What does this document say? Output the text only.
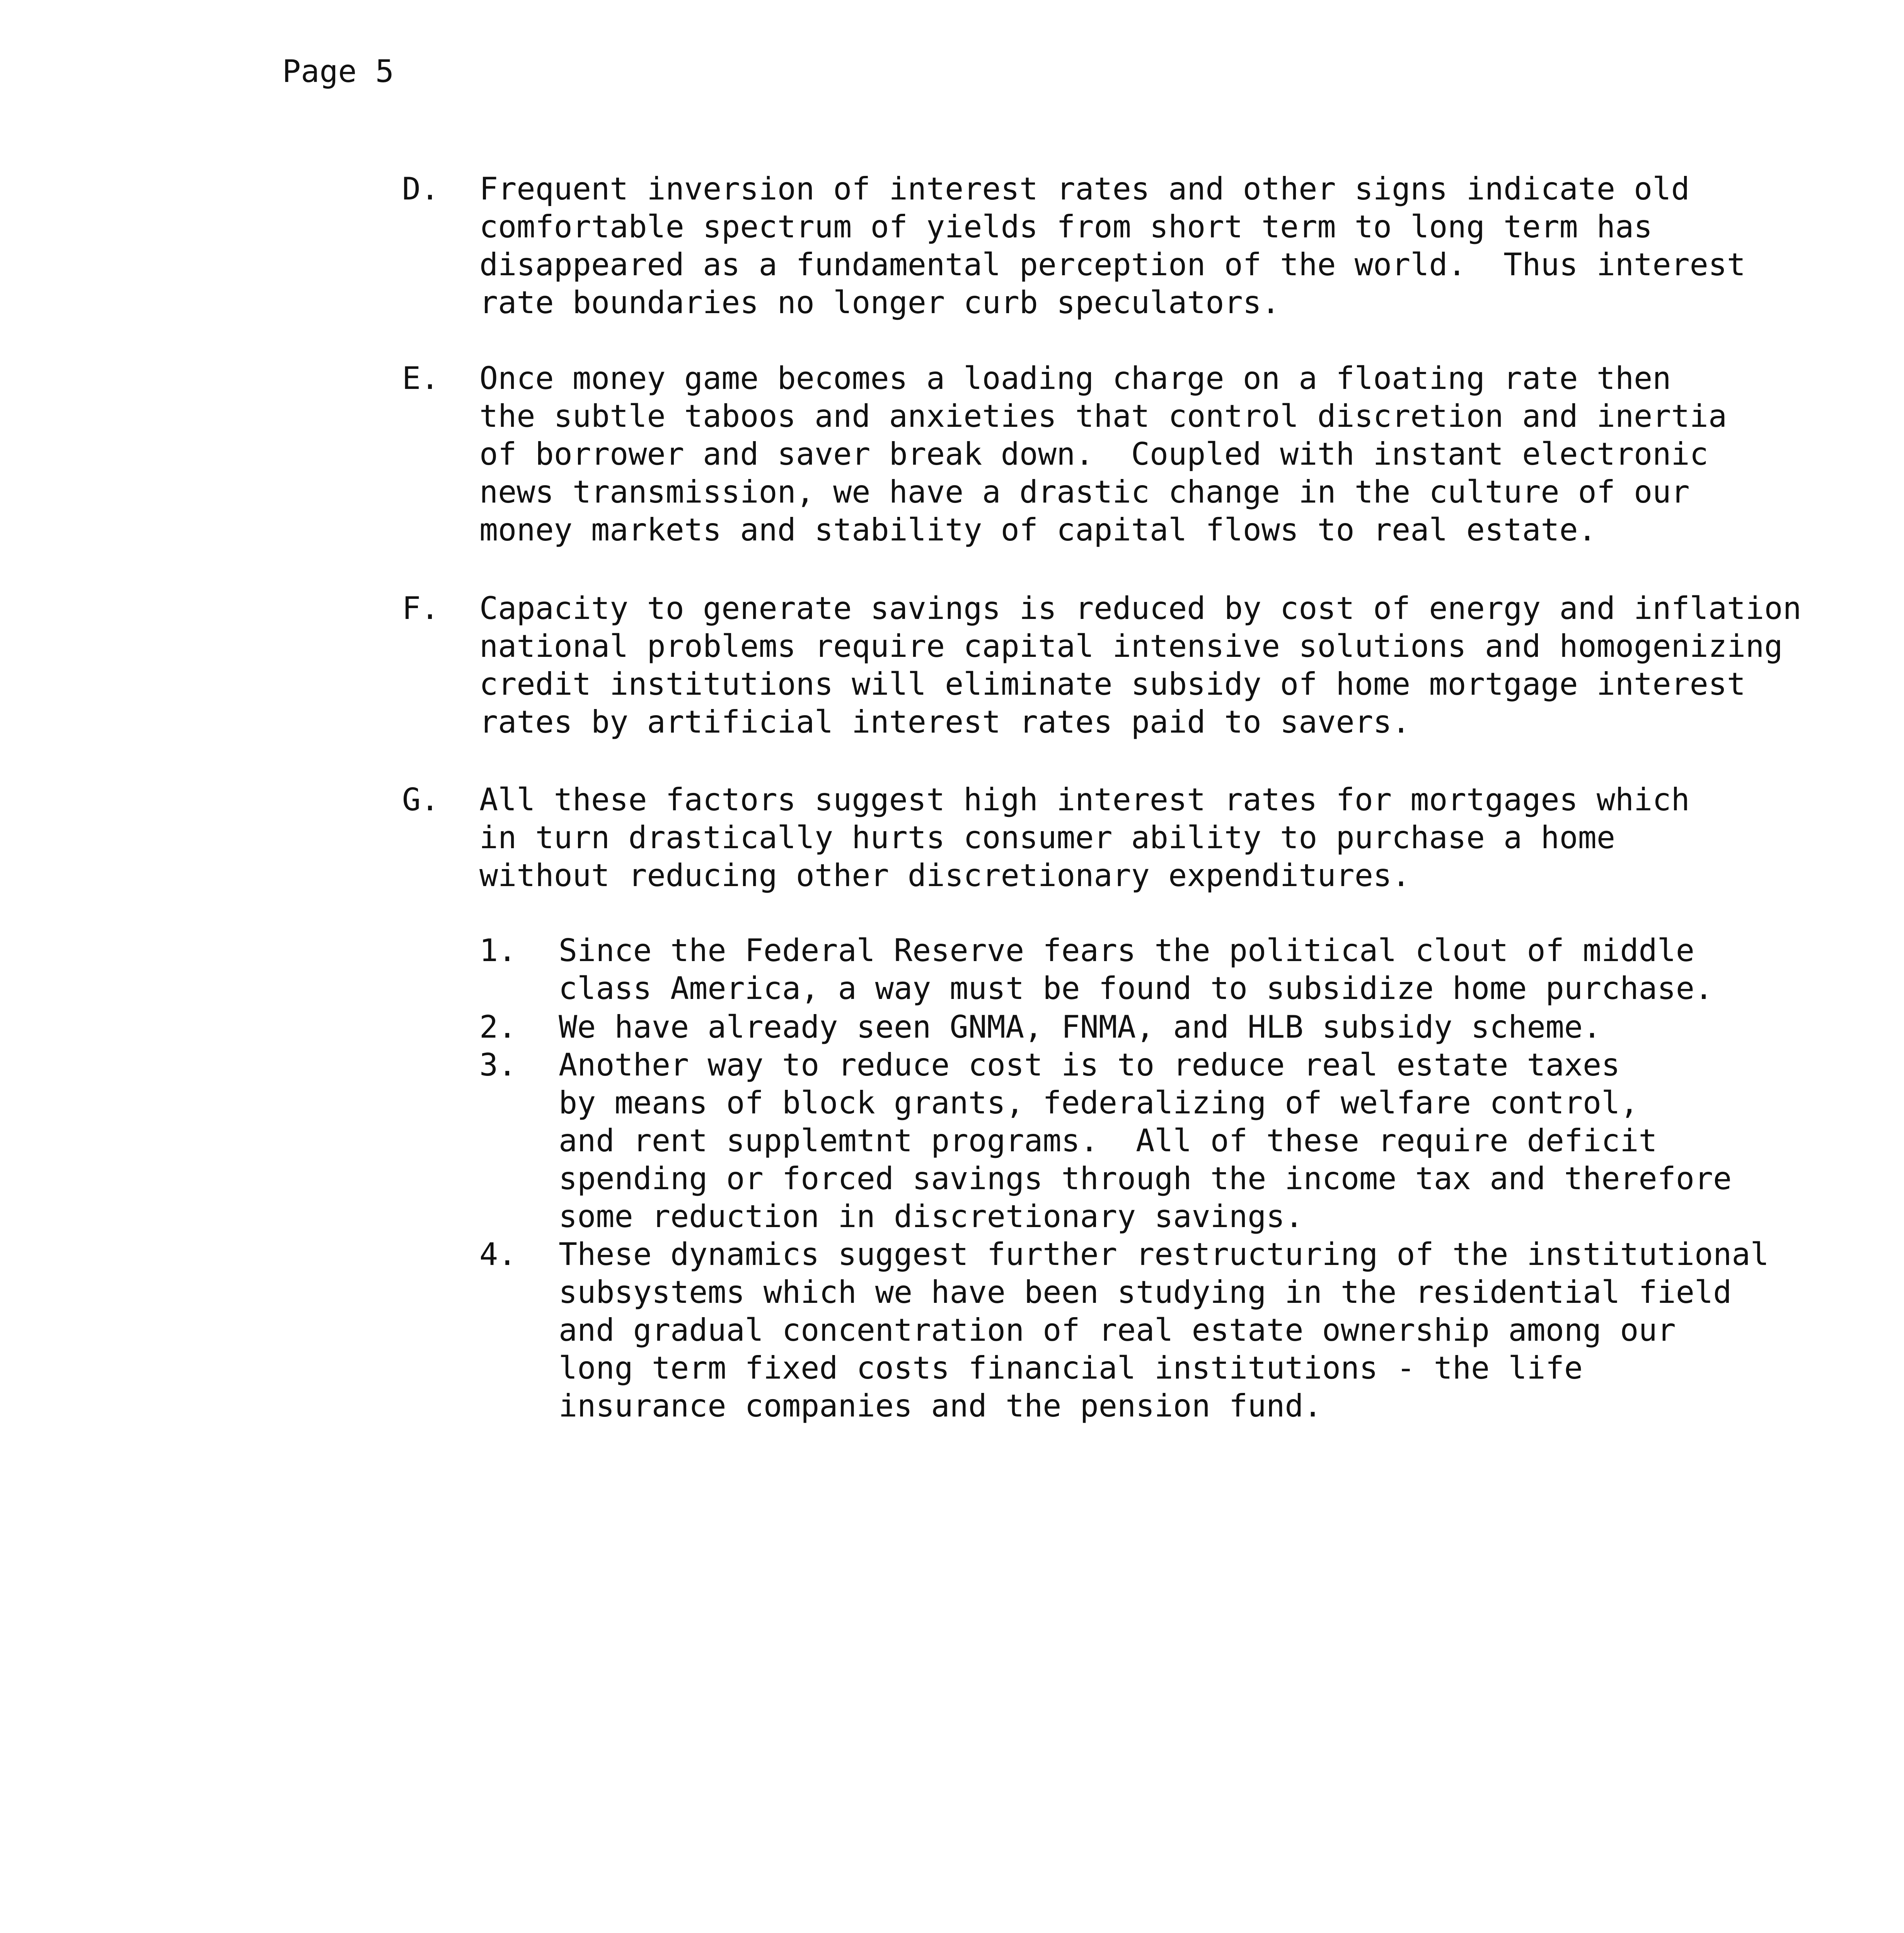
Page 5
D. Frequent inversion of interest rates and other signs indicate old
comfortable spectrum of yields from short term to long term has
disappeared as a fundamental perception of the world.  Thus interest
rate boundaries no longer curb speculators.
E. Once money game becomes a loading charge on a floating rate then
the subtle taboos and anxieties that control discretion and inertia
of borrower and saver break down.  Coupled with instant electronic
news transmission, we have a drastic change in the culture of our
money markets and stability of capital flows to real estate.
F. Capacity to generate savings is reduced by cost of energy and inflation
national problems require capital intensive solutions and homogenizing
credit institutions will eliminate subsidy of home mortgage interest
rates by artificial interest rates paid to savers.
G. All these factors suggest high interest rates for mortgages which
in turn drastically hurts consumer ability to purchase a home
without reducing other discretionary expenditures.
1. Since the Federal Reserve fears the political clout of middle
class America, a way must be found to subsidize home purchase.
2. We have already seen GNMA, FNMA, and HLB subsidy scheme.
3. Another way to reduce cost is to reduce real estate taxes
by means of block grants, federalizing of welfare control,
and rent supplemtnt programs.  All of these require deficit
spending or forced savings through the income tax and therefore
some reduction in discretionary savings.
4. These dynamics suggest further restructuring of the institutional
subsystems which we have been studying in the residential field
and gradual concentration of real estate ownership among our
long term fixed costs financial institutions - the life
insurance companies and the pension fund.
